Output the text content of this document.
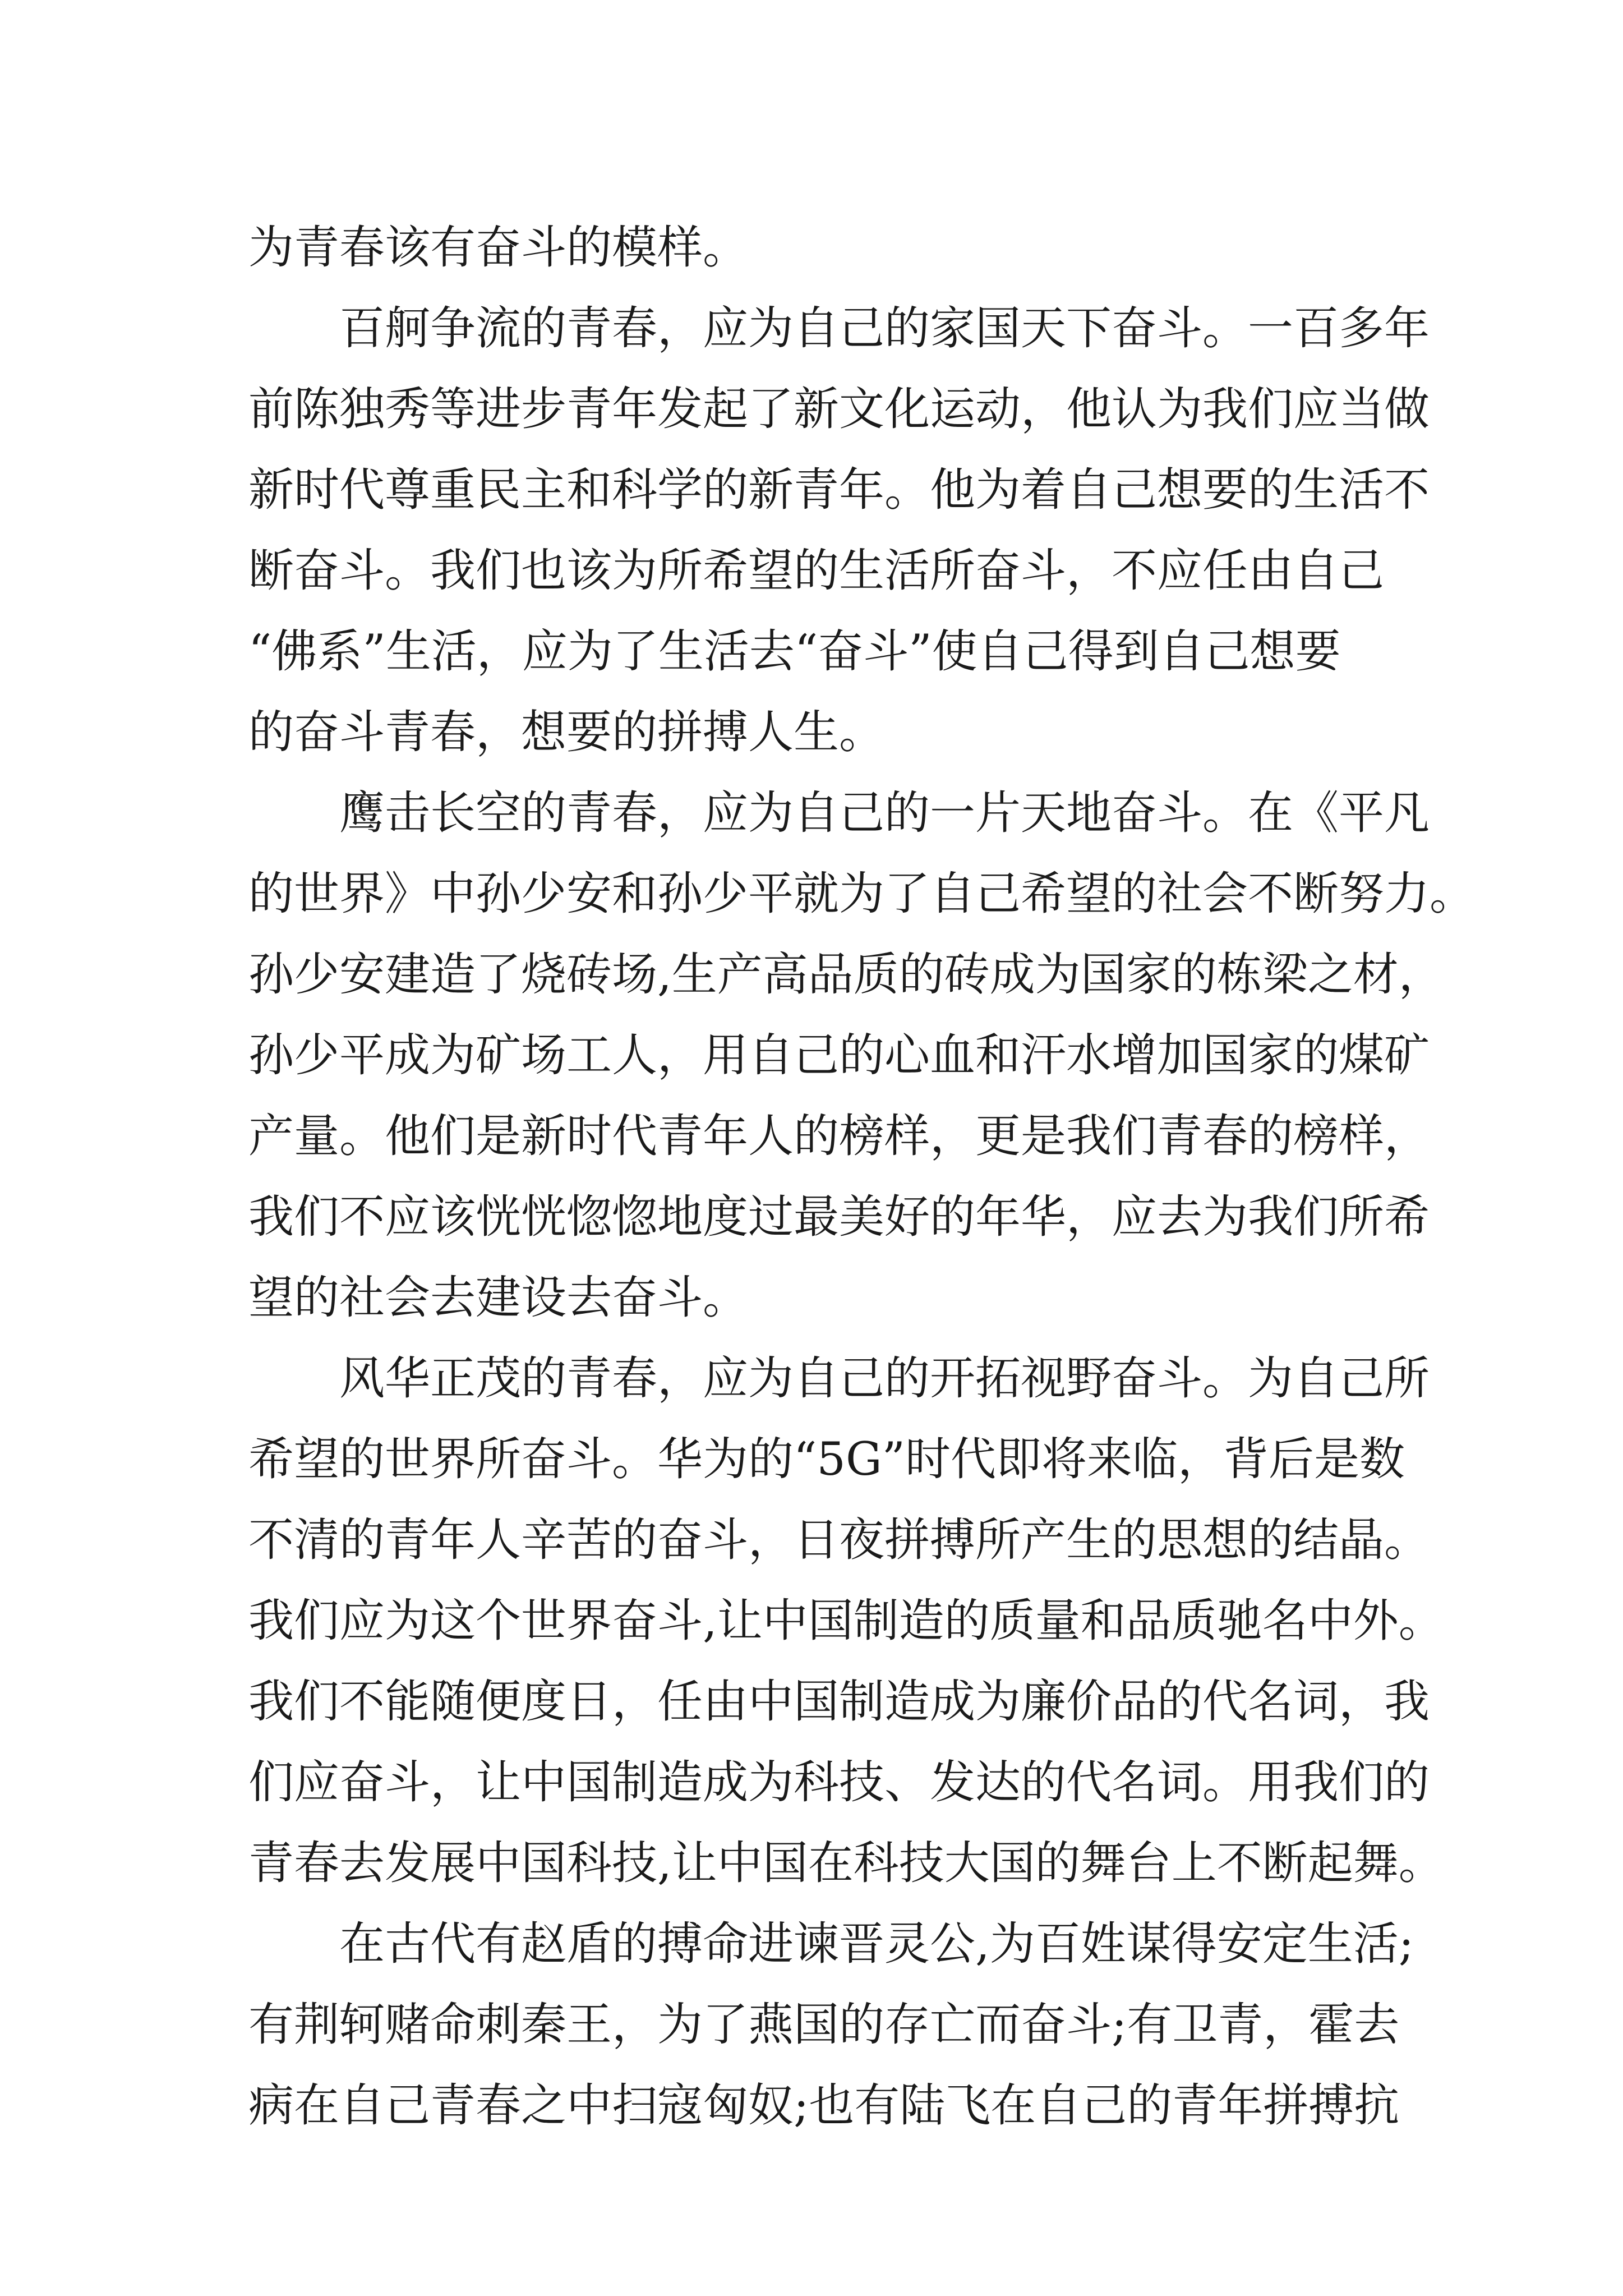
为青春该有奋斗的模样。
百舸争流的青春，应为自己的家国天下奋斗。一百多年
前陈独秀等进步青年发起了新文化运动，他认为我们应当做
新时代尊重民主和科学的新青年。他为着自己想要的生活不
断奋斗。我们也该为所希望的生活所奋斗，不应任由自己
“佛系”生活，应为了生活去“奋斗”使自己得到自己想要
的奋斗青春，想要的拼搏人生。
鹰击长空的青春，应为自己的一片天地奋斗。在《平凡
的世界》中孙少安和孙少平就为了自己希望的社会不断努力。
孙少安建造了烧砖场,生产高品质的砖成为国家的栋梁之材，
孙少平成为矿场工人，用自己的心血和汗水增加国家的煤矿
产量。他们是新时代青年人的榜样，更是我们青春的榜样，
我们不应该恍恍惚惚地度过最美好的年华，应去为我们所希
望的社会去建设去奋斗。
风华正茂的青春，应为自己的开拓视野奋斗。为自己所
希望的世界所奋斗。华为的“5G”时代即将来临，背后是数
不清的青年人辛苦的奋斗，日夜拼搏所产生的思想的结晶。
我们应为这个世界奋斗,让中国制造的质量和品质驰名中外。
我们不能随便度日，任由中国制造成为廉价品的代名词，我
们应奋斗，让中国制造成为科技、发达的代名词。用我们的
青春去发展中国科技,让中国在科技大国的舞台上不断起舞。
在古代有赵盾的搏命进谏晋灵公,为百姓谋得安定生活;
有荆轲赌命刺秦王，为了燕国的存亡而奋斗;有卫青，霍去
病在自己青春之中扫寇匈奴;也有陆飞在自己的青年拼搏抗
